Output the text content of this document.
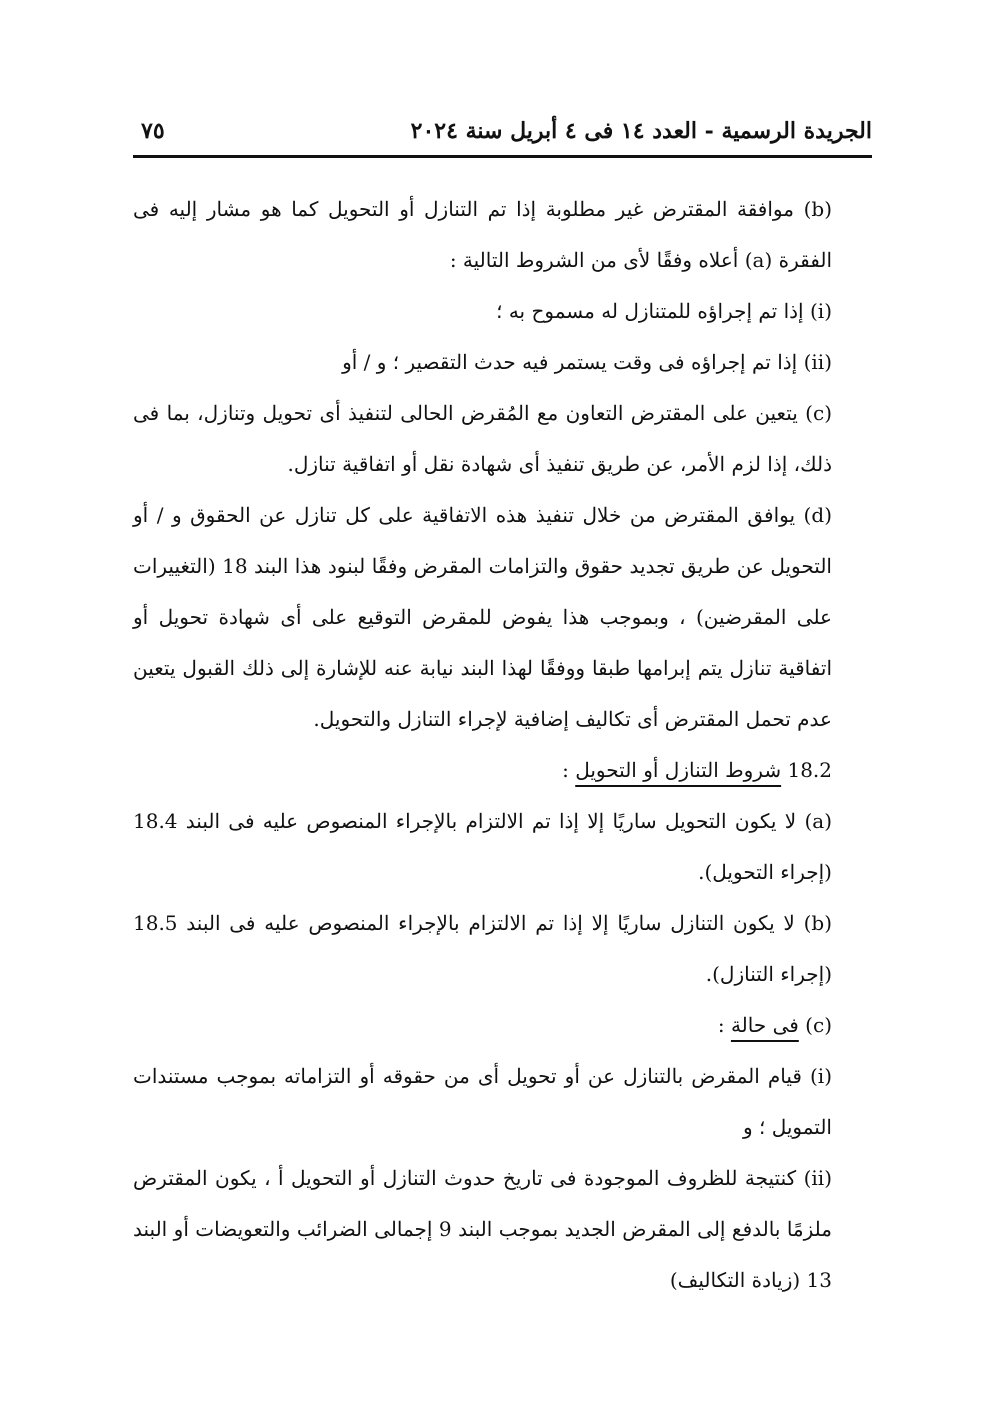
الجريدة الرسمية - العدد ١٤ فى ٤ أبريل سنة ٢٠٢٤
٧٥

(b) موافقة المقترض غير مطلوبة إذا تم التنازل أو التحويل كما هو مشار إليه فى الفقرة (a) أعلاه وفقًا لأى من الشروط التالية :

(i) إذا تم إجراؤه للمتنازل له مسموح به ؛

(ii) إذا تم إجراؤه فى وقت يستمر فيه حدث التقصير ؛ و / أو

(c) يتعين على المقترض التعاون مع المُقرض الحالى لتنفيذ أى تحويل وتنازل، بما فى ذلك، إذا لزم الأمر، عن طريق تنفيذ أى شهادة نقل أو اتفاقية تنازل.

(d) يوافق المقترض من خلال تنفيذ هذه الاتفاقية على كل تنازل عن الحقوق و / أو التحويل عن طريق تجديد حقوق والتزامات المقرض وفقًا لبنود هذا البند 18 (التغييرات على المقرضين) ، وبموجب هذا يفوض للمقرض التوقيع على أى شهادة تحويل أو اتفاقية تنازل يتم إبرامها طبقا ووفقًا لهذا البند نيابة عنه للإشارة إلى ذلك القبول يتعين عدم تحمل المقترض أى تكاليف إضافية لإجراء التنازل والتحويل.

18.2 شروط التنازل أو التحويل :

(a) لا يكون التحويل ساريًا إلا إذا تم الالتزام بالإجراء المنصوص عليه فى البند 18.4 (إجراء التحويل).

(b) لا يكون التنازل ساريًا إلا إذا تم الالتزام بالإجراء المنصوص عليه فى البند 18.5 (إجراء التنازل).

(c) فى حالة :

(i) قيام المقرض بالتنازل عن أو تحويل أى من حقوقه أو التزاماته بموجب مستندات التمويل ؛ و

(ii) كنتيجة للظروف الموجودة فى تاريخ حدوث التنازل أو التحويل أ ، يكون المقترض ملزمًا بالدفع إلى المقرض الجديد بموجب البند 9 إجمالى الضرائب والتعويضات أو البند 13 (زيادة التكاليف)
